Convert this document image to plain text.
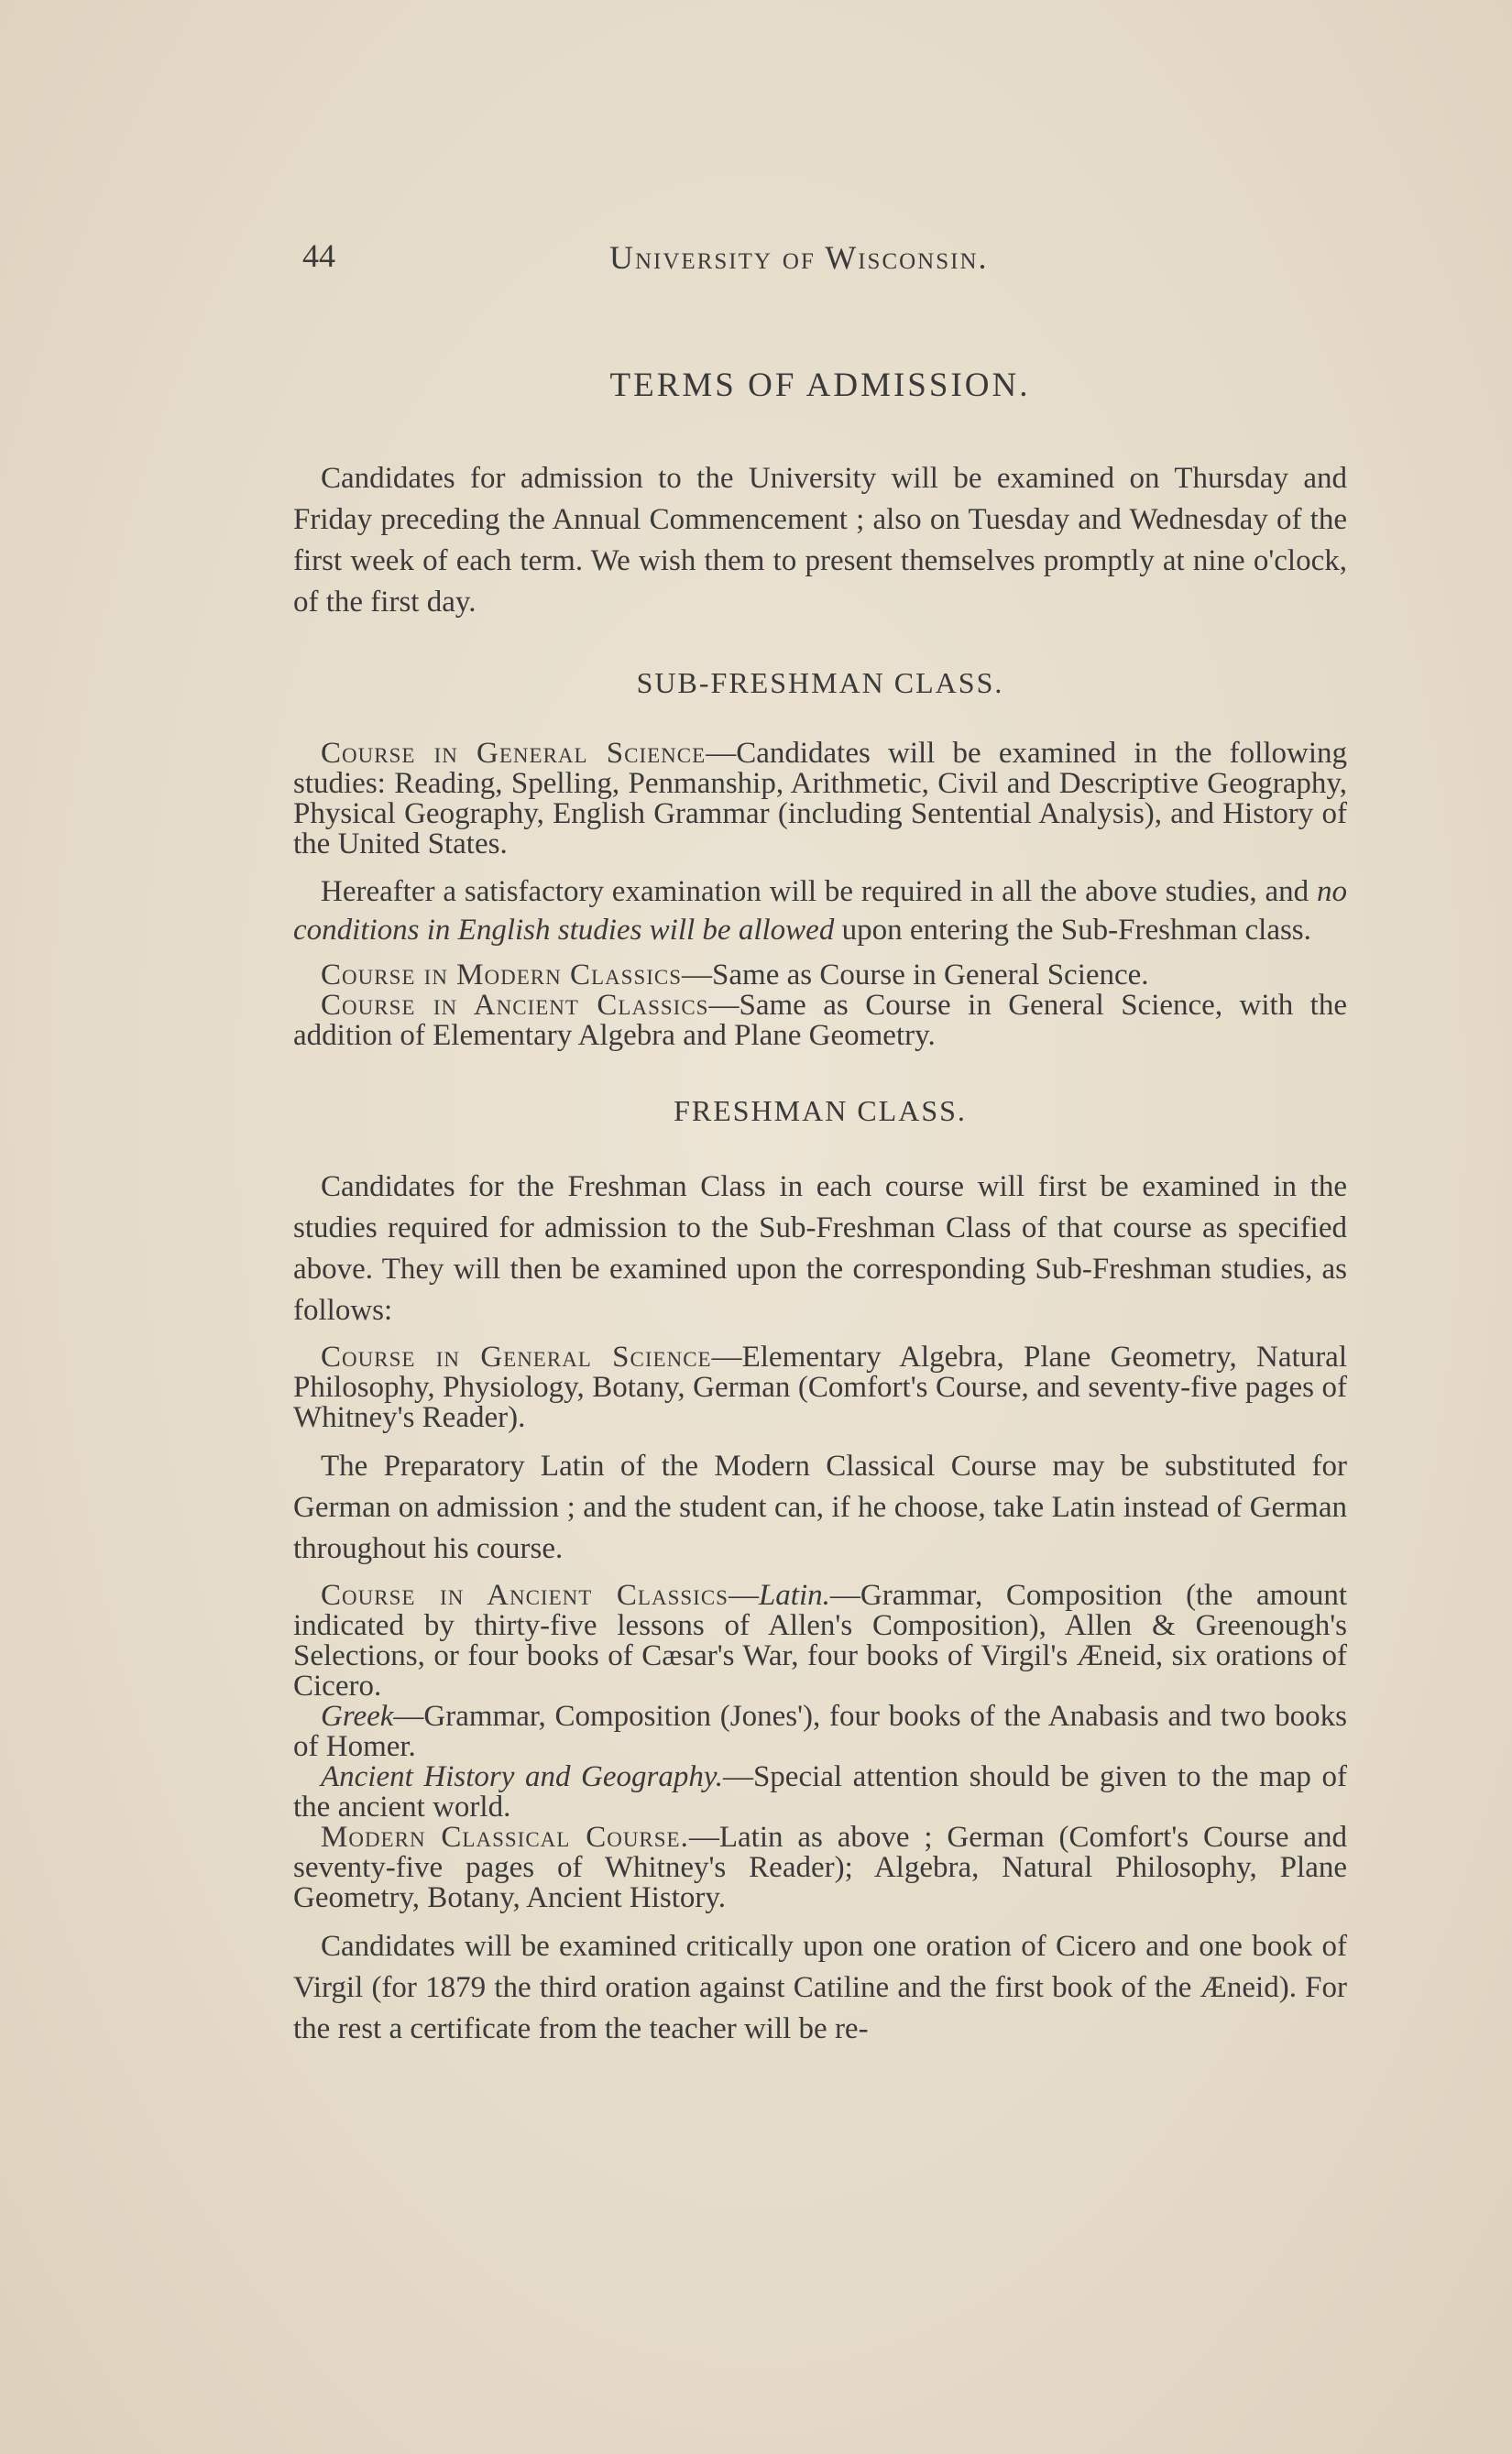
44	University of Wisconsin.
TERMS OF ADMISSION.

Candidates for admission to the University will be examined on Thursday and Friday preceding the Annual Commencement ; also on Tuesday and Wednesday of the first week of each term. We wish them to present themselves promptly at nine o'clock, of the first day.

SUB-FRESHMAN CLASS.

Course in General Science—Candidates will be examined in the following studies: Reading, Spelling, Penmanship, Arithmetic, Civil and Descriptive Geography, Physical Geography, English Grammar (including Sentential Analysis), and History of the United States.

Hereafter a satisfactory examination will be required in all the above studies, and no conditions in English studies will be allowed upon entering the Sub-Freshman class.

Course in Modern Classics—Same as Course in General Science.

Course in Ancient Classics—Same as Course in General Science, with the addition of Elementary Algebra and Plane Geometry.

FRESHMAN CLASS.

Candidates for the Freshman Class in each course will first be examined in the studies required for admission to the Sub-Freshman Class of that course as specified above. They will then be examined upon the corresponding Sub-Freshman studies, as follows:

Course in General Science—Elementary Algebra, Plane Geometry, Natural Philosophy, Physiology, Botany, German (Comfort's Course, and seventy-five pages of Whitney's Reader).

The Preparatory Latin of the Modern Classical Course may be substituted for German on admission ; and the student can, if he choose, take Latin instead of German throughout his course.

Course in Ancient Classics—Latin.—Grammar, Composition (the amount indicated by thirty-five lessons of Allen's Composition), Allen & Greenough's Selections, or four books of Cæsar's War, four books of Virgil's Æneid, six orations of Cicero.

Greek—Grammar, Composition (Jones'), four books of the Anabasis and two books of Homer.

Ancient History and Geography.—Special attention should be given to the map of the ancient world.

Modern Classical Course.—Latin as above ; German (Comfort's Course and seventy-five pages of Whitney's Reader); Algebra, Natural Philosophy, Plane Geometry, Botany, Ancient History.

Candidates will be examined critically upon one oration of Cicero and one book of Virgil (for 1879 the third oration against Catiline and the first book of the Æneid). For the rest a certificate from the teacher will be re-
